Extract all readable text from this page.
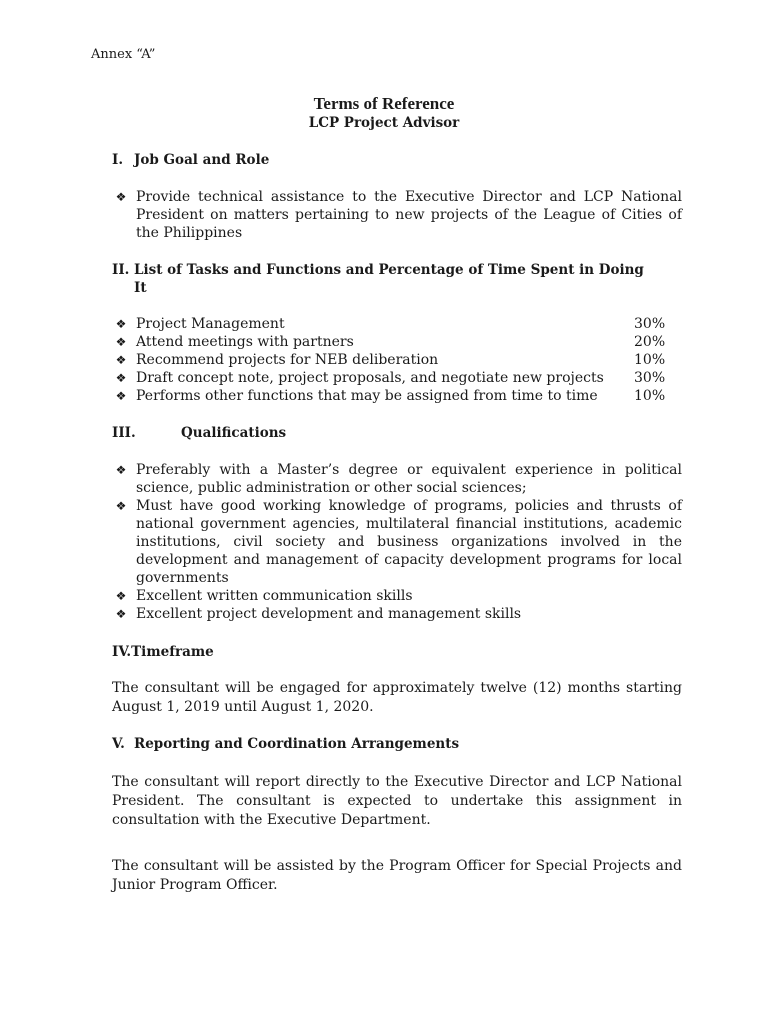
Annex “A”
Terms of Reference
LCP Project Advisor
I. Job Goal and Role
❖ Provide technical assistance to the Executive Director and LCP National President on matters pertaining to new projects of the League of Cities of the Philippines
II. List of Tasks and Functions and Percentage of Time Spent in Doing
It
❖ Project Management	30%
❖ Attend meetings with partners	20%
❖ Recommend projects for NEB deliberation	10%
❖ Draft concept note, project proposals, and negotiate new projects	30%
❖ Performs other functions that may be assigned from time to time	10%
III.	Qualifications
❖ Preferably with a Master’s degree or equivalent experience in political science, public administration or other social sciences;
❖ Must have good working knowledge of programs, policies and thrusts of national government agencies, multilateral financial institutions, academic institutions, civil society and business organizations involved in the development and management of capacity development programs for local governments
❖ Excellent written communication skills
❖ Excellent project development and management skills
IV.Timeframe

The consultant will be engaged for approximately twelve (12) months starting August 1, 2019 until August 1, 2020.

V. Reporting and Coordination Arrangements

The consultant will report directly to the Executive Director and LCP National President. The consultant is expected to undertake this assignment in consultation with the Executive Department.

The consultant will be assisted by the Program Officer for Special Projects and Junior Program Officer.
